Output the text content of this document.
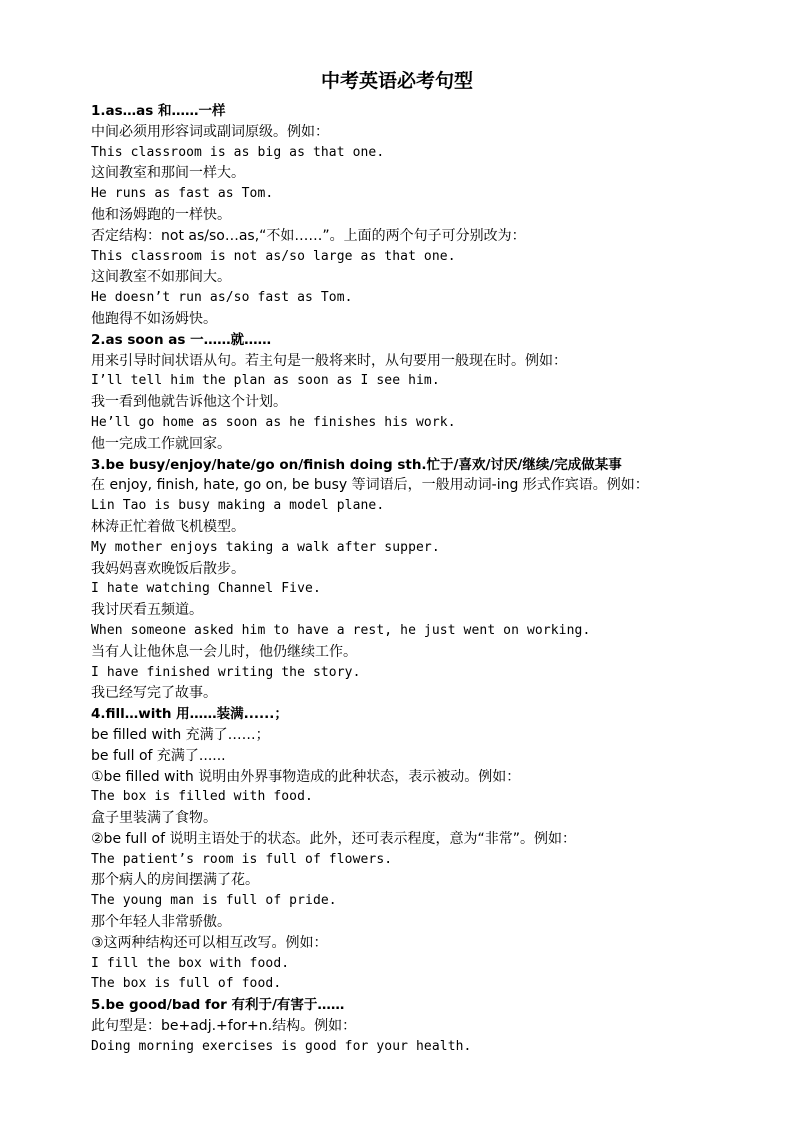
中考英语必考句型
1.as…as 和……一样
中间必须用形容词或副词原级。例如：
This classroom is as big as that one.
这间教室和那间一样大。
He runs as fast as Tom.
他和汤姆跑的一样快。
否定结构：not as/so…as,“不如……”。上面的两个句子可分别改为：
This classroom is not as/so large as that one.
这间教室不如那间大。
He doesn’t run as/so fast as Tom.
他跑得不如汤姆快。
2.as soon as 一……就……
用来引导时间状语从句。若主句是一般将来时，从句要用一般现在时。例如：
I’ll tell him the plan as soon as I see him.
我一看到他就告诉他这个计划。
He’ll go home as soon as he finishes his work.
他一完成工作就回家。
3.be busy/enjoy/hate/go on/finish doing sth.忙于/喜欢/讨厌/继续/完成做某事
在 enjoy, finish, hate, go on, be busy 等词语后，一般用动词-ing 形式作宾语。例如：
Lin Tao is busy making a model plane.
林涛正忙着做飞机模型。
My mother enjoys taking a walk after supper.
我妈妈喜欢晚饭后散步。
I hate watching Channel Five.
我讨厌看五频道。
When someone asked him to have a rest, he just went on working.
当有人让他休息一会儿时，他仍继续工作。
I have finished writing the story.
我已经写完了故事。
4.fill…with 用……装满......；
be filled with 充满了……；
be full of 充满了......
①be filled with 说明由外界事物造成的此种状态，表示被动。例如：
The box is filled with food.
盒子里装满了食物。
②be full of 说明主语处于的状态。此外，还可表示程度，意为“非常”。例如：
The patient’s room is full of flowers.
那个病人的房间摆满了花。
The young man is full of pride.
那个年轻人非常骄傲。
③这两种结构还可以相互改写。例如：
I fill the box with food.
The box is full of food.
5.be good/bad for 有利于/有害于……
此句型是：be+adj.+for+n.结构。例如：
Doing morning exercises is good for your health.
